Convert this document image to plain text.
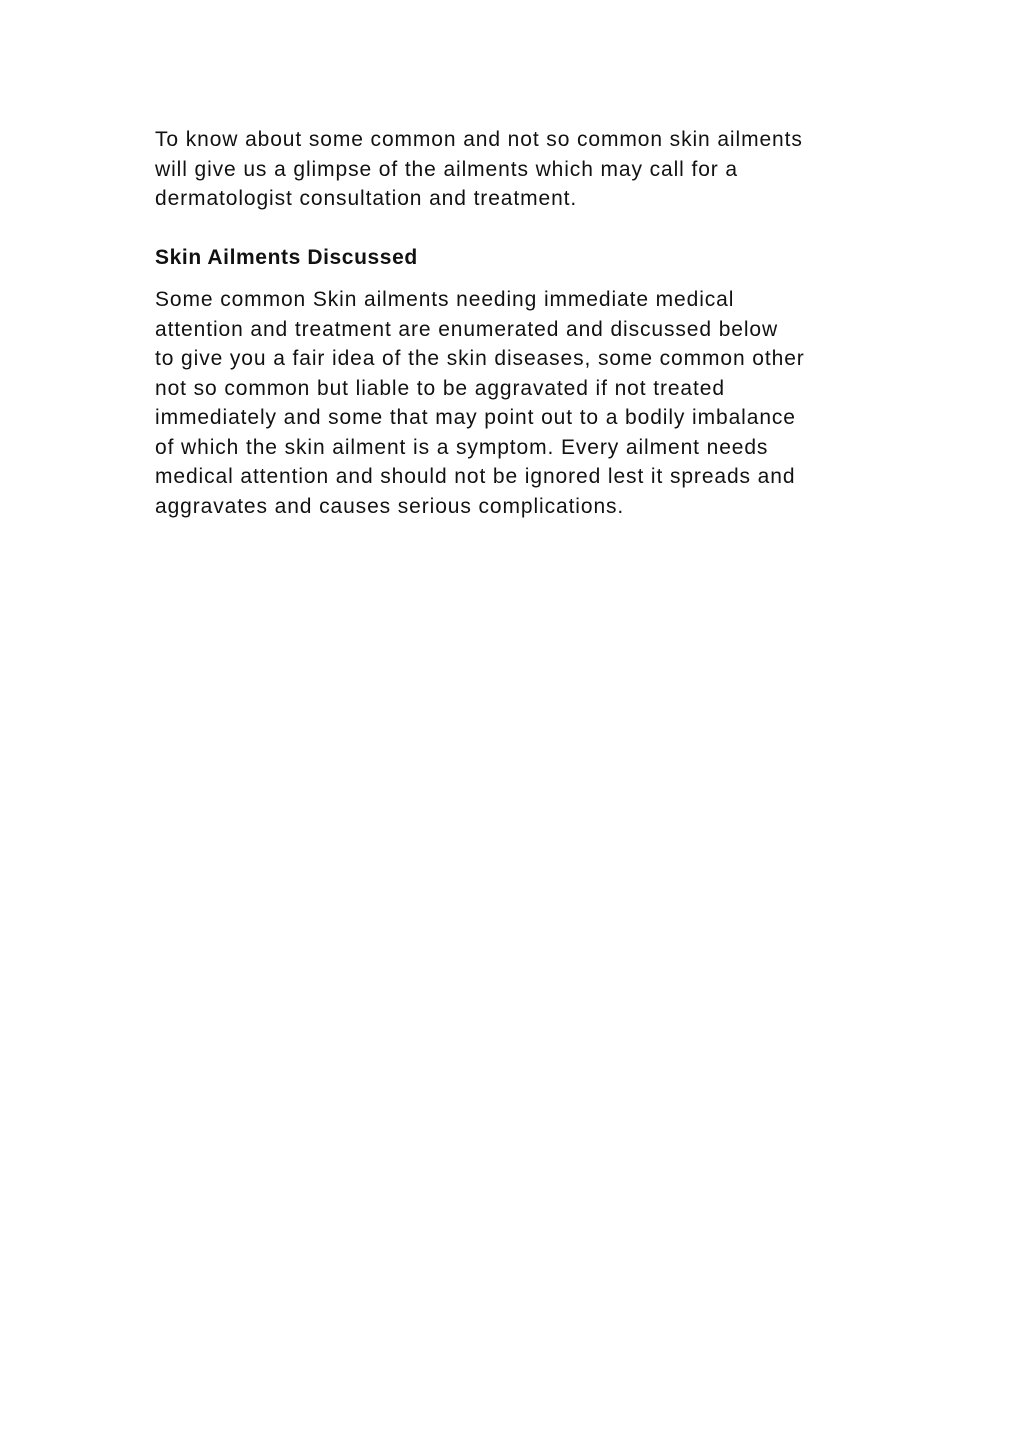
To know about some common and not so common skin ailments
will give us a glimpse of the ailments which may call for a
dermatologist consultation and treatment.

Skin Ailments Discussed

Some common Skin ailments needing immediate medical
attention and treatment are enumerated and discussed below
to give you a fair idea of the skin diseases, some common other
not so common but liable to be aggravated if not treated
immediately and some that may point out to a bodily imbalance
of which the skin ailment is a symptom. Every ailment needs
medical attention and should not be ignored lest it spreads and
aggravates and causes serious complications.
